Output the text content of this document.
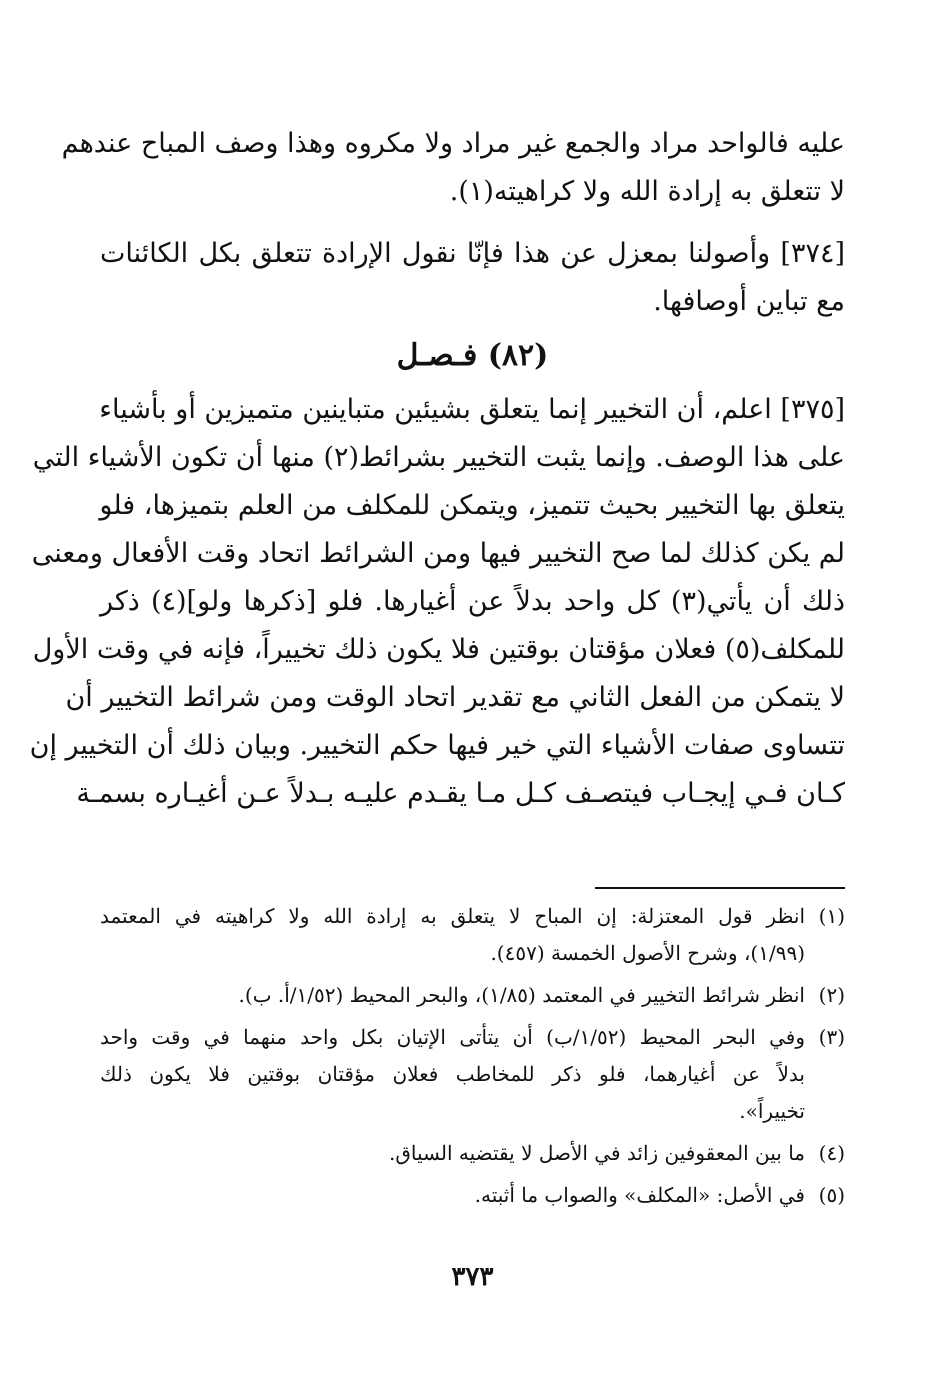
عليه فالواحد مراد والجمع غير مراد ولا مكروه وهذا وصف المباح عندهم
لا تتعلق به إرادة الله ولا كراهيته(١).
[٣٧٤] وأصولنا بمعزل عن هذا فإنّا نقول الإرادة تتعلق بكل الكائنات
مع تباين أوصافها.
(٨٢) فـصـل
[٣٧٥] اعلم، أن التخيير إنما يتعلق بشيئين متباينين متميزين أو بأشياء
على هذا الوصف. وإنما يثبت التخيير بشرائط(٢) منها أن تكون الأشياء التي
يتعلق بها التخيير بحيث تتميز، ويتمكن للمكلف من العلم بتميزها، فلو
لم يكن كذلك لما صح التخيير فيها ومن الشرائط اتحاد وقت الأفعال ومعنى
ذلك أن يأتي(٣) كل واحد بدلاً عن أغيارها. فلو [ذكرها ولو](٤) ذكر
للمكلف(٥) فعلان مؤقتان بوقتين فلا يكون ذلك تخييراً، فإنه في وقت الأول
لا يتمكن من الفعل الثاني مع تقدير اتحاد الوقت ومن شرائط التخيير أن
تتساوى صفات الأشياء التي خير فيها حكم التخيير. وبيان ذلك أن التخيير إن
كـان فـي إيجـاب فيتصـف كـل مـا يقـدم عليـه بـدلاً عـن أغيـاره بسمـة
(١)
انظر قول المعتزلة: إن المباح لا يتعلق به إرادة الله ولا كراهيته في المعتمد
(١/٩٩)، وشرح الأصول الخمسة (٤٥٧).
(٢)
انظر شرائط التخيير في المعتمد (١/٨٥)، والبحر المحيط (١/٥٢/أ. ب).
(٣)
وفي البحر المحيط (١/٥٢/ب) أن يتأتى الإتيان بكل واحد منهما في وقت واحد
بدلاً عن أغيارهما، فلو ذكر للمخاطب فعلان مؤقتان بوقتين فلا يكون ذلك
تخييراً».
(٤)
ما بين المعقوفين زائد في الأصل لا يقتضيه السياق.
(٥)
في الأصل: «المكلف» والصواب ما أثبته.
٣٧٣
